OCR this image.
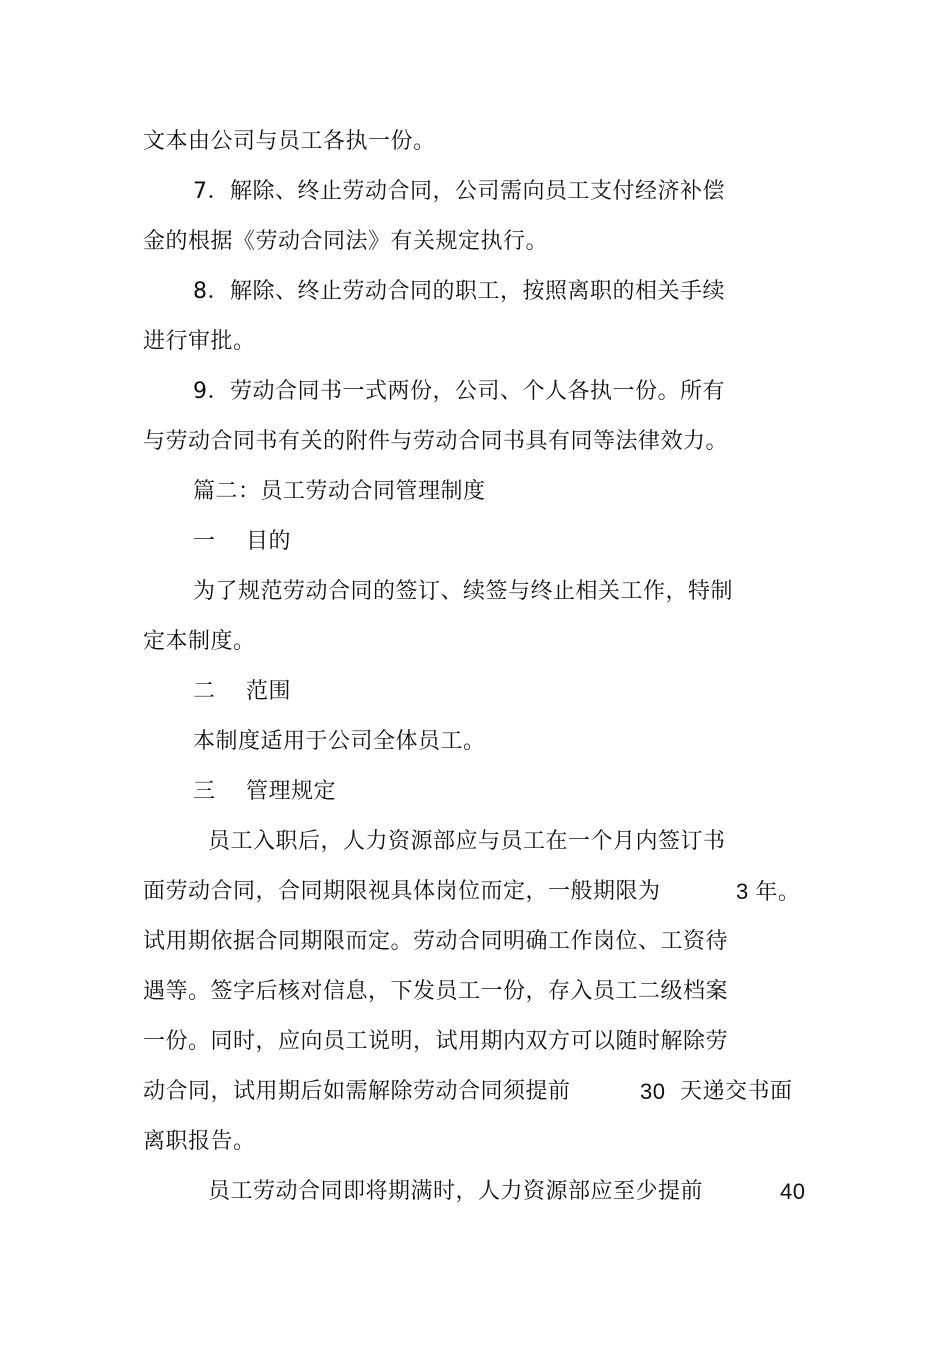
文本由公司与员工各执一份。
7．解除、终止劳动合同，公司需向员工支付经济补偿
金的根据《劳动合同法》有关规定执行。
8．解除、终止劳动合同的职工，按照离职的相关手续
进行审批。
9．劳动合同书一式两份，公司、个人各执一份。所有
与劳动合同书有关的附件与劳动合同书具有同等法律效力。
篇二：员工劳动合同管理制度
一 目的
为了规范劳动合同的签订、续签与终止相关工作，特制
定本制度。
二 范围
本制度适用于公司全体员工。
三 管理规定
员工入职后，人力资源部应与员工在一个月内签订书
面劳动合同，合同期限视具体岗位而定，一般期限为	3 年。
试用期依据合同期限而定。劳动合同明确工作岗位、工资待
遇等。签字后核对信息，下发员工一份，存入员工二级档案
一份。同时，应向员工说明，试用期内双方可以随时解除劳
动合同，试用期后如需解除劳动合同须提前	30 天递交书面
离职报告。
员工劳动合同即将期满时，人力资源部应至少提前	40
